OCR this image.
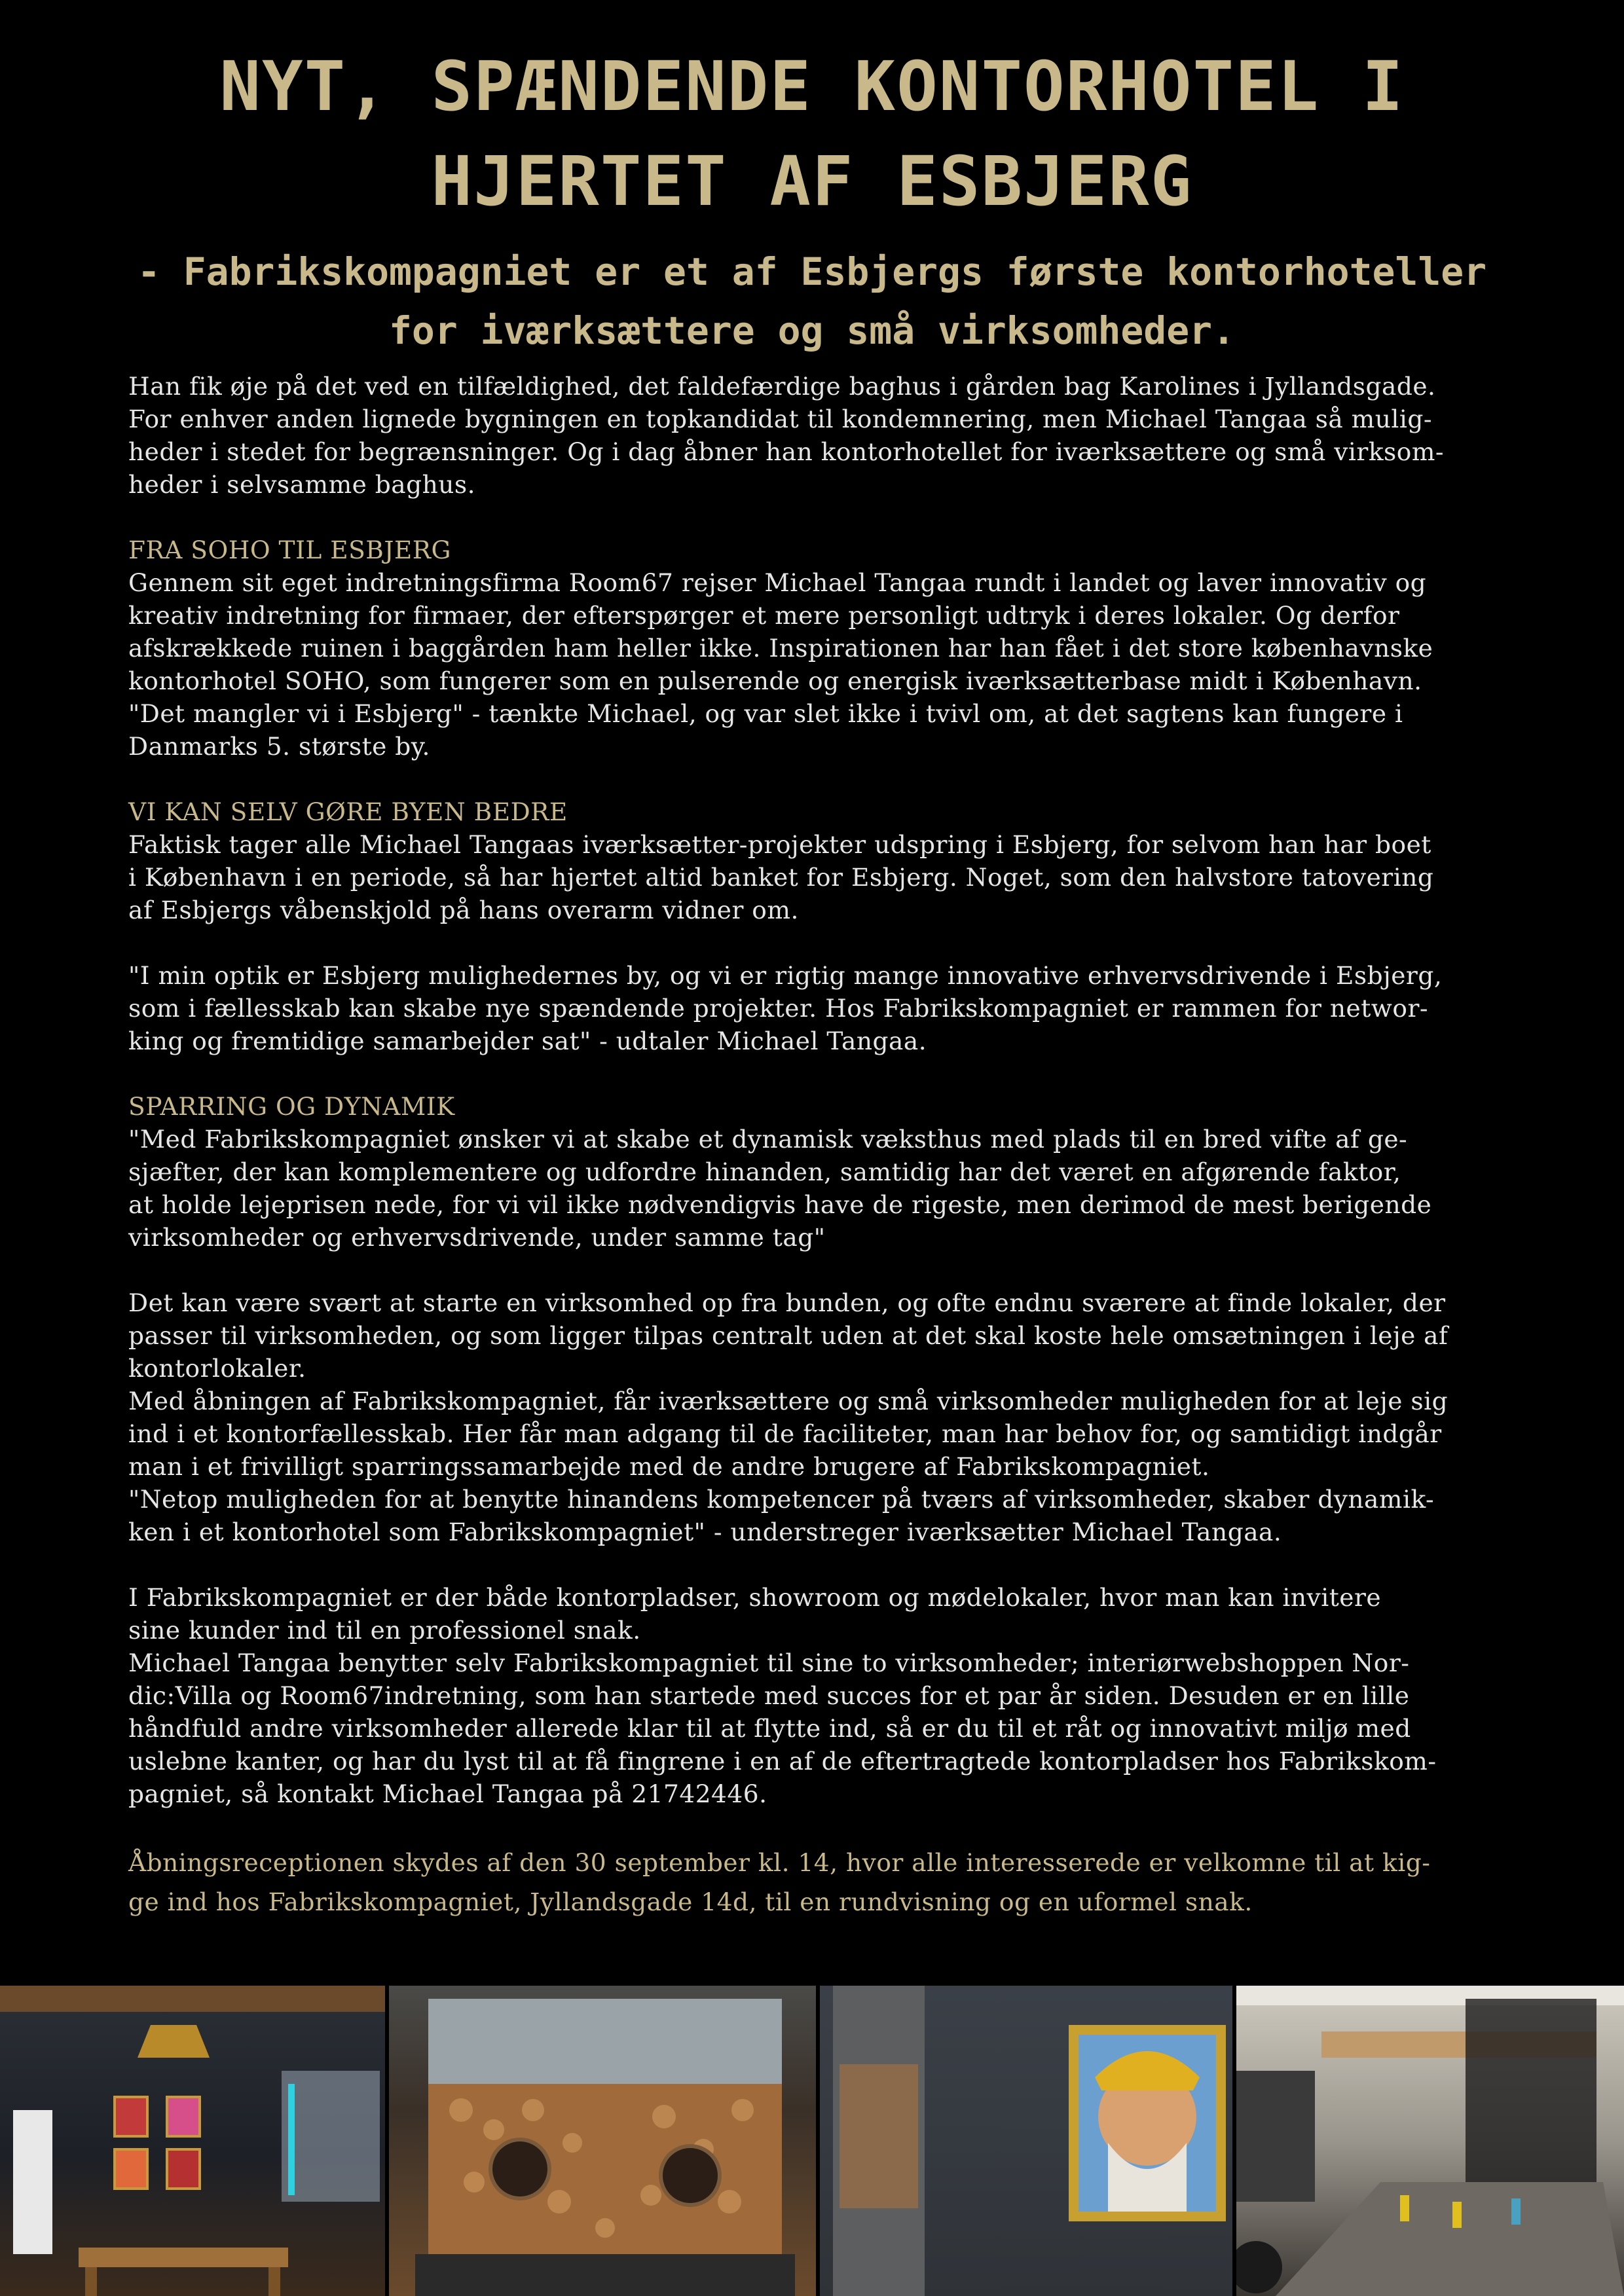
NYT, SPÆNDENDE KONTORHOTEL I
HJERTET AF ESBJERG
- Fabrikskompagniet er et af Esbjergs første kontorhoteller
for iværksættere og små virksomheder.

Han fik øje på det ved en tilfældighed, det faldefærdige baghus i gården bag Karolines i Jyllandsgade.

For enhver anden lignede bygningen en topkandidat til kondemnering, men Michael Tangaa så mulig-

heder i stedet for begrænsninger. Og i dag åbner han kontorhotellet for iværksættere og små virksom-

heder i selvsamme baghus.

FRA SOHO TIL ESBJERG

Gennem sit eget indretningsfirma Room67 rejser Michael Tangaa rundt i landet og laver innovativ og

kreativ indretning for firmaer, der efterspørger et mere personligt udtryk i deres lokaler. Og derfor

afskrækkede ruinen i baggården ham heller ikke. Inspirationen har han fået i det store københavnske

kontorhotel SOHO, som fungerer som en pulserende og energisk iværksætterbase midt i København.

"Det mangler vi i Esbjerg" - tænkte Michael, og var slet ikke i tvivl om, at det sagtens kan fungere i

Danmarks 5. største by.

VI KAN SELV GØRE BYEN BEDRE

Faktisk tager alle Michael Tangaas iværksætter-projekter udspring i Esbjerg, for selvom han har boet

i København i en periode, så har hjertet altid banket for Esbjerg. Noget, som den halvstore tatovering

af Esbjergs våbenskjold på hans overarm vidner om.

"I min optik er Esbjerg mulighedernes by, og vi er rigtig mange innovative erhvervsdrivende i Esbjerg,

som i fællesskab kan skabe nye spændende projekter. Hos Fabrikskompagniet er rammen for networ-

king og fremtidige samarbejder sat" - udtaler Michael Tangaa.

SPARRING OG DYNAMIK

"Med Fabrikskompagniet ønsker vi at skabe et dynamisk væksthus med plads til en bred vifte af ge-

sjæfter, der kan komplementere og udfordre hinanden, samtidig har det været en afgørende faktor,

at holde lejeprisen nede, for vi vil ikke nødvendigvis have de rigeste, men derimod de mest berigende

virksomheder og erhvervsdrivende, under samme tag"

Det kan være svært at starte en virksomhed op fra bunden, og ofte endnu sværere at finde lokaler, der

passer til virksomheden, og som ligger tilpas centralt uden at det skal koste hele omsætningen i leje af

kontorlokaler.

Med åbningen af Fabrikskompagniet, får iværksættere og små virksomheder muligheden for at leje sig

ind i et kontorfællesskab. Her får man adgang til de faciliteter, man har behov for, og samtidigt indgår

man i et frivilligt sparringssamarbejde med de andre brugere af Fabrikskompagniet.

"Netop muligheden for at benytte hinandens kompetencer på tværs af virksomheder, skaber dynamik-

ken i et kontorhotel som Fabrikskompagniet" - understreger iværksætter Michael Tangaa.

I Fabrikskompagniet er der både kontorpladser, showroom og mødelokaler, hvor man kan invitere

sine kunder ind til en professionel snak.

Michael Tangaa benytter selv Fabrikskompagniet til sine to virksomheder; interiørwebshoppen Nor-

dic:Villa og Room67indretning, som han startede med succes for et par år siden. Desuden er en lille

håndfuld andre virksomheder allerede klar til at flytte ind, så er du til et råt og innovativt miljø med

uslebne kanter, og har du lyst til at få fingrene i en af de eftertragtede kontorpladser hos Fabrikskom-

pagniet, så kontakt Michael Tangaa på 21742446.

Åbningsreceptionen skydes af den 30 september kl. 14, hvor alle interesserede er velkomne til at kig-

ge ind hos Fabrikskompagniet, Jyllandsgade 14d, til en rundvisning og en uformel snak.
